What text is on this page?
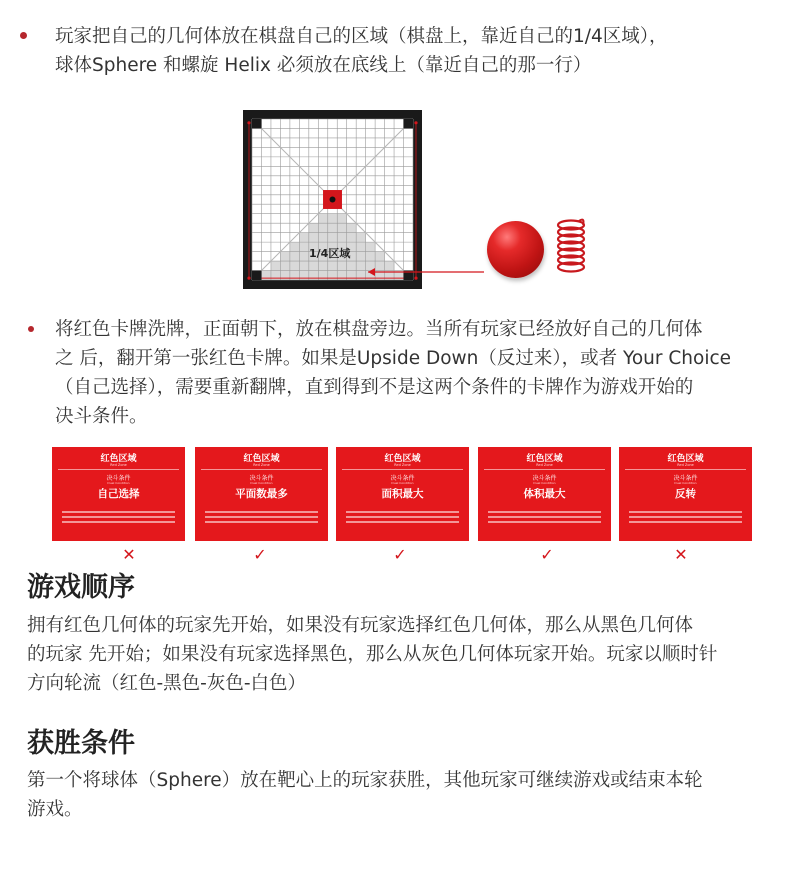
玩家把自己的几何体放在棋盘自己的区域（棋盘上，靠近自己的1/4区域），
球体Sphere 和螺旋 Helix 必须放在底线上（靠近自己的那一行）
1/4区域
将红色卡牌洗牌，正面朝下，放在棋盘旁边。当所有玩家已经放好自己的几何体
之 后，翻开第一张红色卡牌。如果是Upside Down（反过来），或者 Your Choice
（自己选择），需要重新翻牌，直到得到不是这两个条件的卡牌作为游戏开始的
决斗条件。
红色区域
Red Zone
决斗条件
Duel Condition
自己选择
红色区域
Red Zone
决斗条件
Duel Condition
平面数最多
红色区域
Red Zone
决斗条件
Duel Condition
面积最大
红色区域
Red Zone
决斗条件
Duel Condition
体积最大
红色区域
Red Zone
决斗条件
Duel Condition
反转
✕	✓	✓	✓	✕
游戏顺序
拥有红色几何体的玩家先开始，如果没有玩家选择红色几何体，那么从黑色几何体
的玩家 先开始；如果没有玩家选择黑色，那么从灰色几何体玩家开始。玩家以顺时针
方向轮流（红色-黑色-灰色-白色）
获胜条件
第一个将球体（Sphere）放在靶心上的玩家获胜，其他玩家可继续游戏或结束本轮
游戏。
